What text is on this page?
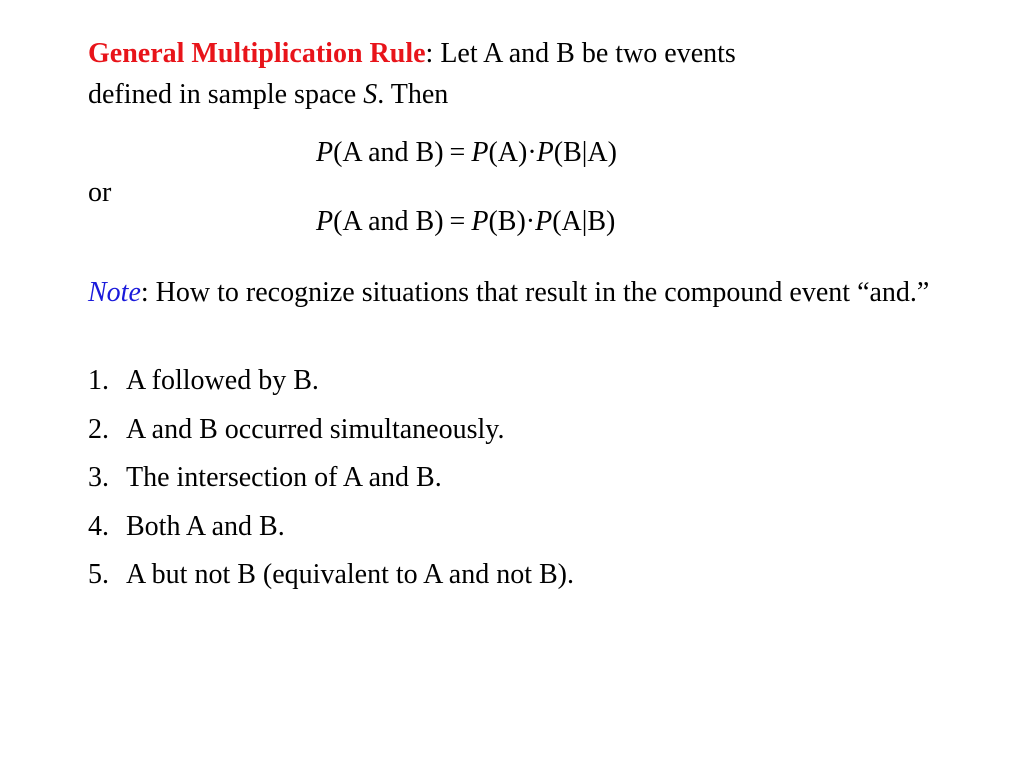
General Multiplication Rule: Let A and B be two events
defined in sample space S. Then
P(A and B) = P(A)·P(B|A)
or
P(A and B) = P(B)·P(A|B)
Note: How to recognize situations that result in the compound event “and.”
1. A followed by B.
2. A and B occurred simultaneously.
3. The intersection of A and B.
4. Both A and B.
5. A but not B (equivalent to A and not B).
